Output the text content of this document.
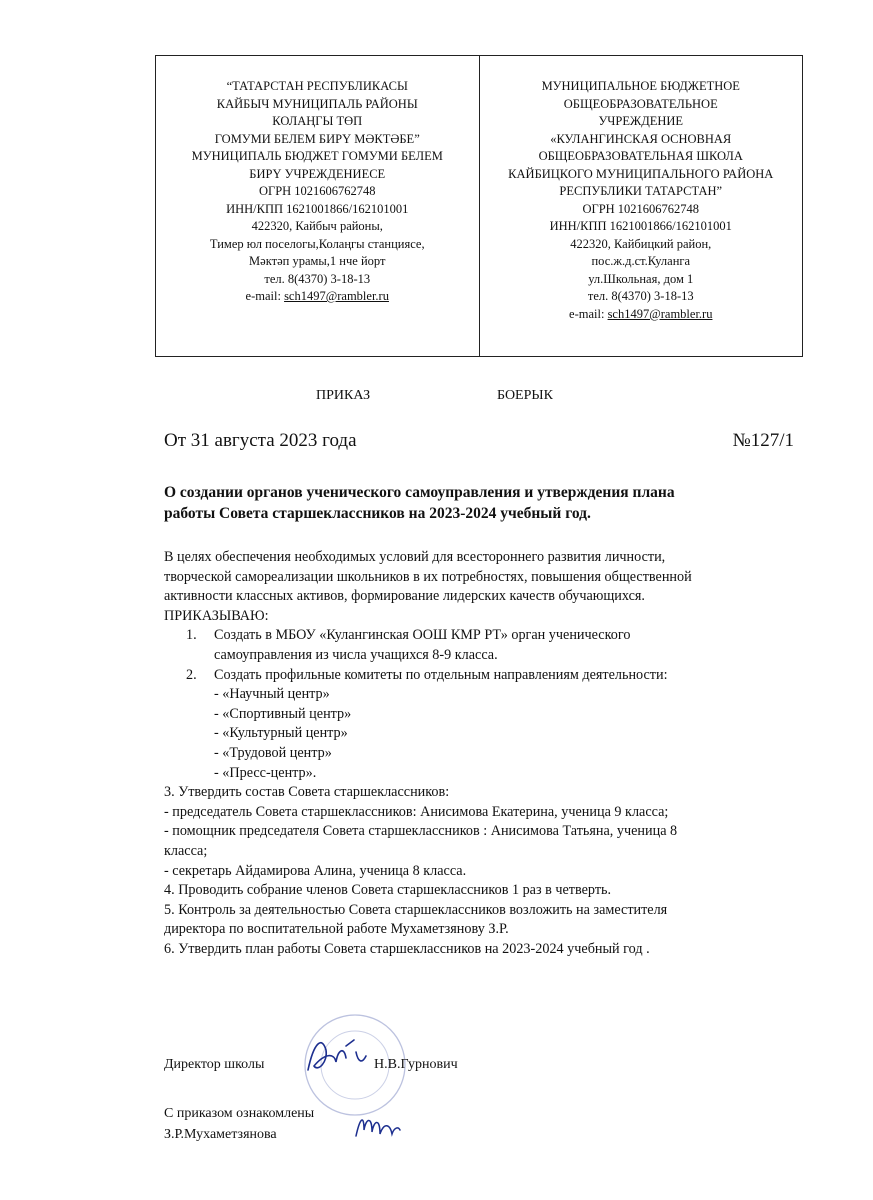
“ТАТАРСТАН РЕСПУБЛИКАСЫ
КАЙБЫЧ МУНИЦИПАЛЬ РАЙОНЫ
КОЛАҢГЫ ТӨП
ГОМУМИ БЕЛЕМ БИРҮ МӘКТӘБЕ”
МУНИЦИПАЛЬ БЮДЖЕТ ГОМУМИ БЕЛЕМ
БИРҮ УЧРЕЖДЕНИЕСЕ
ОГРН 1021606762748
ИНН/КПП 1621001866/162101001
422320, Кайбыч районы,
Тимер юл поселогы,Колаңгы станциясе,
Мәктәп урамы,1 нче йорт
тел. 8(4370) 3-18-13
e-mail: sch1497@rambler.ru
МУНИЦИПАЛЬНОЕ БЮДЖЕТНОЕ
ОБЩЕОБРАЗОВАТЕЛЬНОЕ
УЧРЕЖДЕНИЕ
«КУЛАНГИНСКАЯ ОСНОВНАЯ
ОБЩЕОБРАЗОВАТЕЛЬНАЯ ШКОЛА
КАЙБИЦКОГО МУНИЦИПАЛЬНОГО РАЙОНА
РЕСПУБЛИКИ ТАТАРСТАН”
ОГРН 1021606762748
ИНН/КПП 1621001866/162101001
422320, Кайбицкий район,
пос.ж.д.ст.Кулангa
ул.Школьная, дом 1
тел. 8(4370) 3-18-13
e-mail: sch1497@rambler.ru
ПРИКАЗ	БОЕРЫК
От 31 августа 2023 года	№127/1
О создании органов ученического самоуправления и утверждения плана
работы Совета старшеклассников на 2023-2024 учебный год.

В целях обеспечения необходимых условий для всестороннего развития личности,

творческой самореализации школьников в их потребностях, повышения общественной

активности классных активов, формирование лидерских качеств обучающихся.

ПРИКАЗЫВАЮ:

1. Создать в МБОУ «Кулангинская ООШ КМР РТ» орган ученического
самоуправления из числа учащихся 8-9 класса.
2. Создать профильные комитеты по отдельным направлениям деятельности:

- «Научный центр»

- «Спортивный центр»

- «Культурный центр»

- «Трудовой центр»

- «Пресс-центр».

3. Утвердить состав Совета старшеклассников:

- председатель Совета старшеклассников: Анисимова Екатерина, ученица 9 класса;

- помощник председателя Совета старшеклассников : Анисимова Татьяна, ученица 8

класса;

- секретарь Айдамирова Алина, ученица 8 класса.

4. Проводить собрание членов Совета старшеклассников 1 раз в четверть.

5. Контроль за деятельностью Совета старшеклассников возложить на заместителя

директора по воспитательной работе Мухаметзянову З.Р.

6. Утвердить план работы Совета старшеклассников на 2023-2024 учебный год .

Директор школы	Н.В.Гурнович
С приказом ознакомлены
З.Р.Мухаметзянова
